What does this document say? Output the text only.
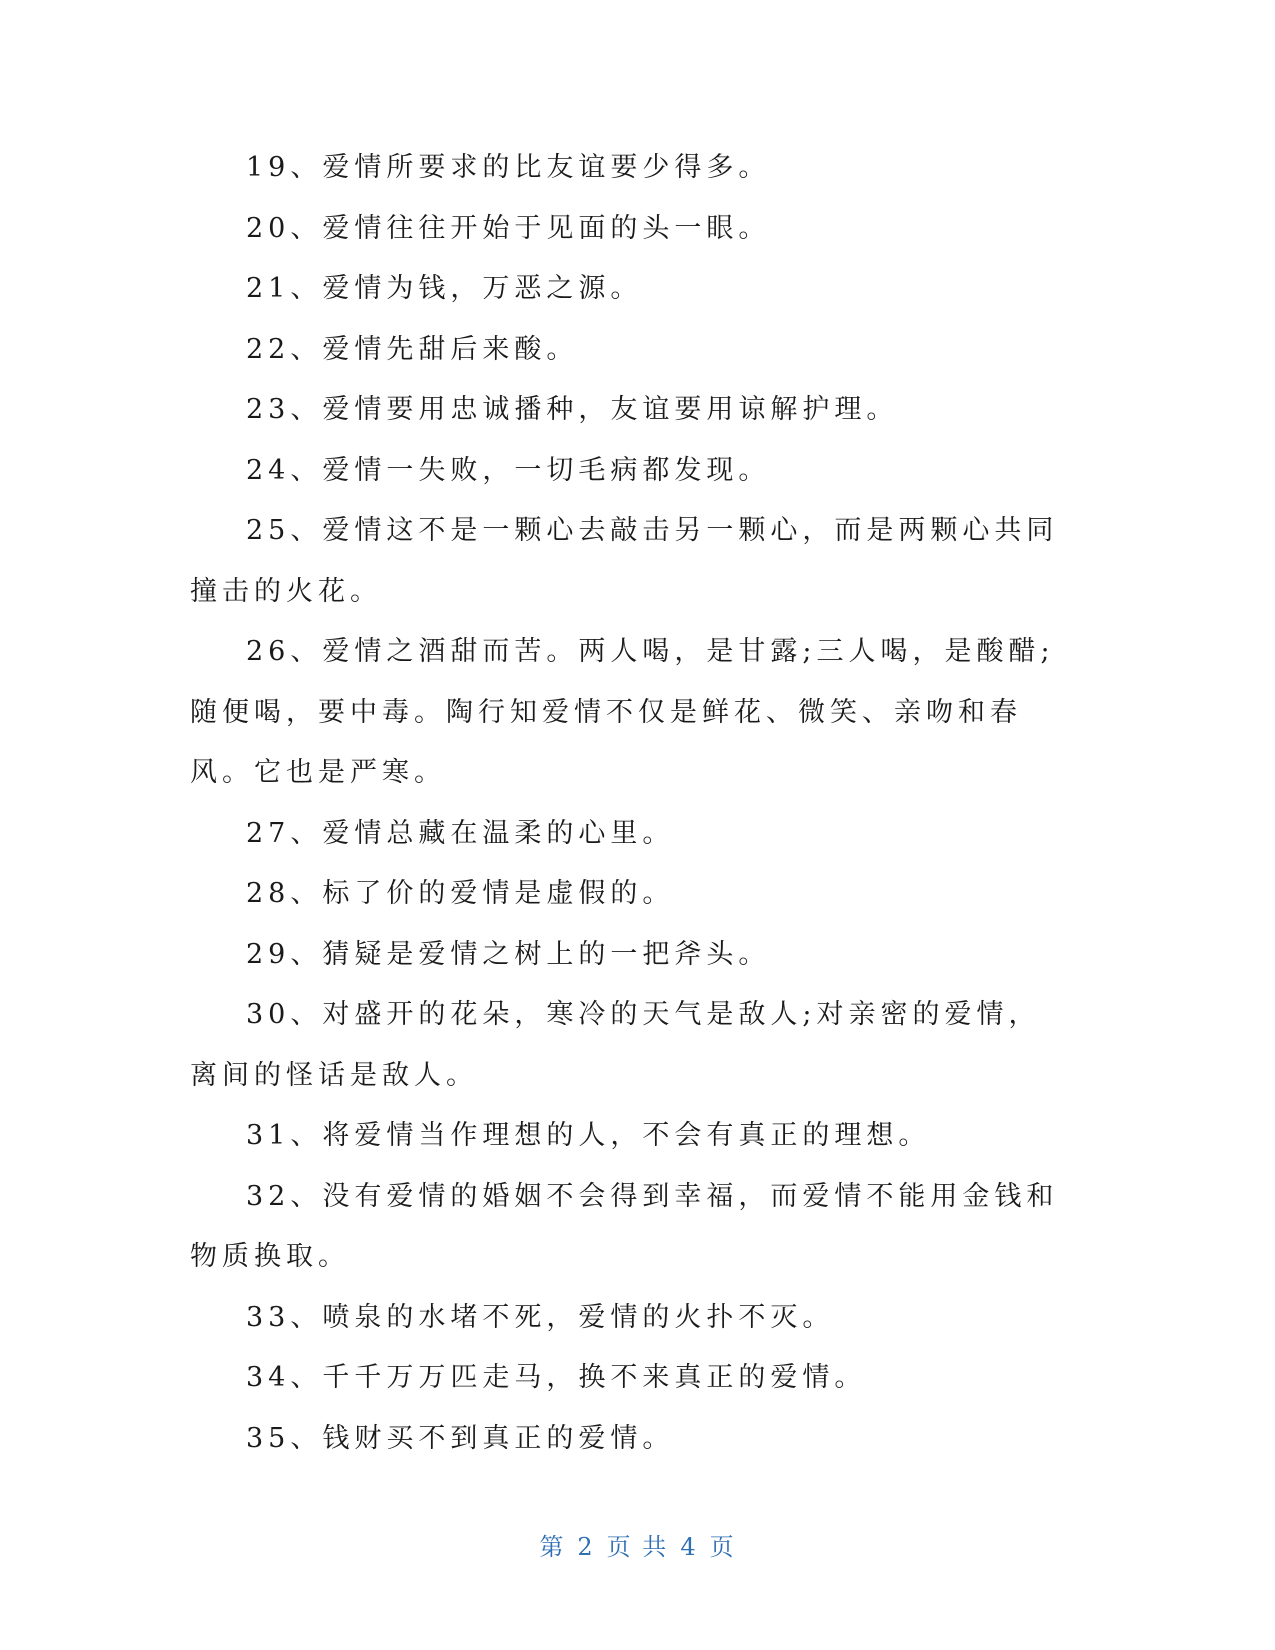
19、爱情所要求的比友谊要少得多。

20、爱情往往开始于见面的头一眼。

21、爱情为钱，万恶之源。

22、爱情先甜后来酸。

23、爱情要用忠诚播种，友谊要用谅解护理。

24、爱情一失败，一切毛病都发现。

25、爱情这不是一颗心去敲击另一颗心，而是两颗心共同撞击的火花。

26、爱情之酒甜而苦。两人喝，是甘露;三人喝，是酸醋;随便喝，要中毒。陶行知爱情不仅是鲜花、微笑、亲吻和春风。它也是严寒。

27、爱情总藏在温柔的心里。

28、标了价的爱情是虚假的。

29、猜疑是爱情之树上的一把斧头。

30、对盛开的花朵，寒冷的天气是敌人;对亲密的爱情，离间的怪话是敌人。

31、将爱情当作理想的人，不会有真正的理想。

32、没有爱情的婚姻不会得到幸福，而爱情不能用金钱和物质换取。

33、喷泉的水堵不死，爱情的火扑不灭。

34、千千万万匹走马，换不来真正的爱情。

35、钱财买不到真正的爱情。

第 2 页 共 4 页
